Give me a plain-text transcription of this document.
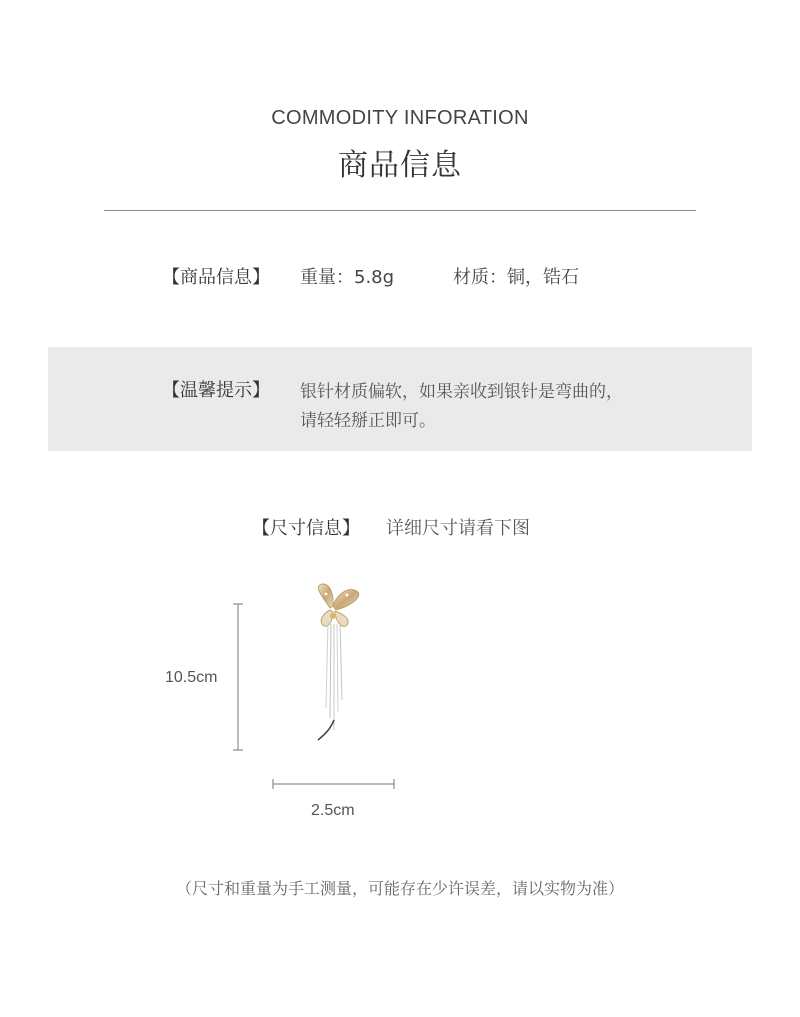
COMMODITY INFORATION
商品信息
【商品信息】 重量：5.8g	材质：铜，锆石
【温馨提示】 银针材质偏软，如果亲收到银针是弯曲的，
请轻轻掰正即可。
【尺寸信息】 详细尺寸请看下图
10.5cm
2.5cm
（尺寸和重量为手工测量，可能存在少许误差，请以实物为准）
